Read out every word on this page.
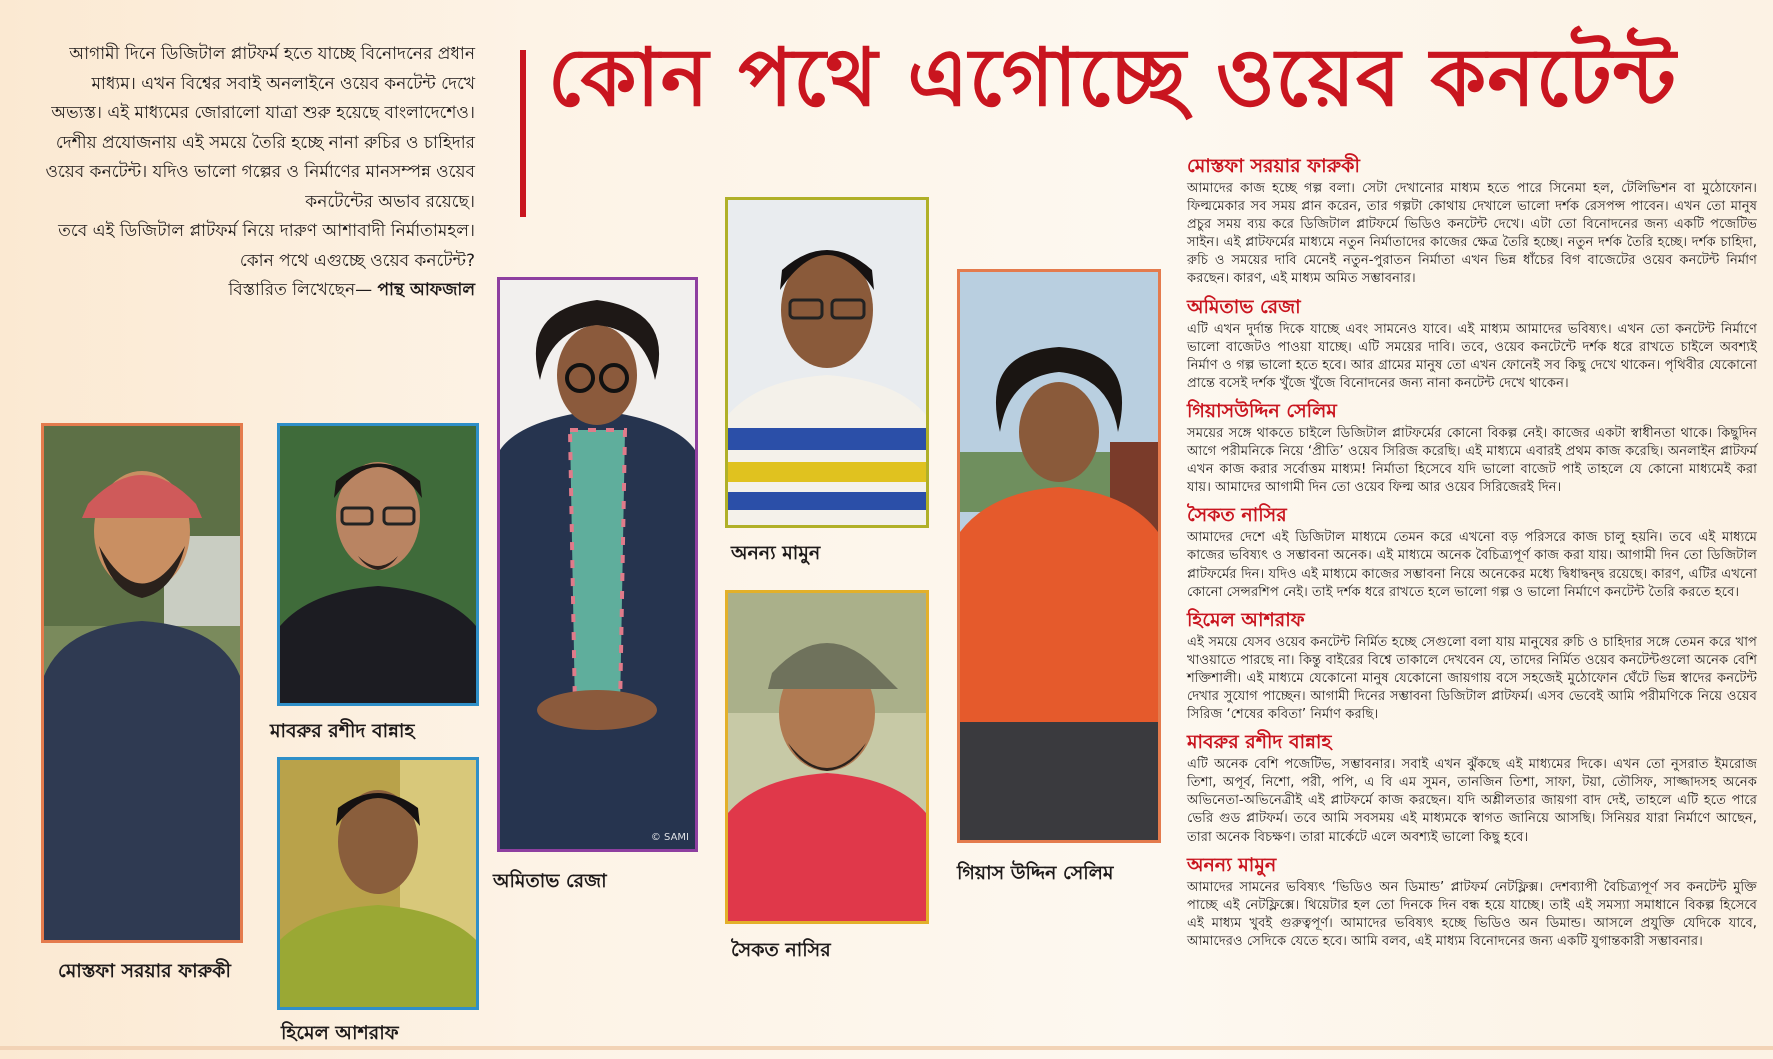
আগামী দিনে ডিজিটাল প্লাটফর্ম হতে যাচ্ছে বিনোদনের প্রধান মাধ্যম। এখন বিশ্বের সবাই অনলাইনে ওয়েব কনটেন্ট দেখে অভ্যস্ত। এই মাধ্যমের জোরালো যাত্রা শুরু হয়েছে বাংলাদেশেও। দেশীয় প্রযোজনায় এই সময়ে তৈরি হচ্ছে নানা রুচির ও চাহিদার ওয়েব কনটেন্ট। যদিও ভালো গল্পের ও নির্মাণের মানসম্পন্ন ওয়েব কনটেন্টের অভাব রয়েছে।

তবে এই ডিজিটাল প্লাটফর্ম নিয়ে দারুণ আশাবাদী নির্মাতামহল। কোন পথে এগুচ্ছে ওয়েব কনটেন্ট?

বিস্তারিত লিখেছেন— পান্থ আফজাল

কোন পথে এগোচ্ছে ওয়েব কনটেন্ট
মোস্তফা সরয়ার ফারুকী
মাবরুর রশীদ বান্নাহ
হিমেল আশরাফ
© SAMI
অমিতাভ রেজা
অনন্য মামুন
সৈকত নাসির
গিয়াস উদ্দিন সেলিম
মোস্তফা সরয়ার ফারুকী

আমাদের কাজ হচ্ছে গল্প বলা। সেটা দেখানোর মাধ্যম হতে পারে সিনেমা হল, টেলিভিশন বা মুঠোফোন। ফিল্মমেকার সব সময় প্লান করেন, তার গল্পটা কোথায় দেখালে ভালো দর্শক রেসপন্স পাবেন। এখন তো মানুষ প্রচুর সময় ব্যয় করে ডিজিটাল প্লাটফর্মে ভিডিও কনটেন্ট দেখে। এটা তো বিনোদনের জন্য একটি পজেটিভ সাইন। এই প্লাটফর্মের মাধ্যমে নতুন নির্মাতাদের কাজের ক্ষেত্র তৈরি হচ্ছে। নতুন দর্শক তৈরি হচ্ছে। দর্শক চাহিদা, রুচি ও সময়ের দাবি মেনেই নতুন-পুরাতন নির্মাতা এখন ভিন্ন ধাঁচের বিগ বাজেটের ওয়েব কনটেন্ট নির্মাণ করছেন। কারণ, এই মাধ্যম অমিত সম্ভাবনার।

অমিতাভ রেজা

এটি এখন দুর্দান্ত দিকে যাচ্ছে এবং সামনেও যাবে। এই মাধ্যম আমাদের ভবিষ্যৎ। এখন তো কনটেন্ট নির্মাণে ভালো বাজেটও পাওয়া যাচ্ছে। এটি সময়ের দাবি। তবে, ওয়েব কনটেন্টে দর্শক ধরে রাখতে চাইলে অবশ্যই নির্মাণ ও গল্প ভালো হতে হবে। আর গ্রামের মানুষ তো এখন ফোনেই সব কিছু দেখে থাকেন। পৃথিবীর যেকোনো প্রান্তে বসেই দর্শক খুঁজে খুঁজে বিনোদনের জন্য নানা কনটেন্ট দেখে থাকেন।

গিয়াসউদ্দিন সেলিম

সময়ের সঙ্গে থাকতে চাইলে ডিজিটাল প্লাটফর্মের কোনো বিকল্প নেই। কাজের একটা স্বাধীনতা থাকে। কিছুদিন আগে পরীমনিকে নিয়ে ‘প্রীতি’ ওয়েব সিরিজ করেছি। এই মাধ্যমে এবারই প্রথম কাজ করেছি। অনলাইন প্লাটফর্ম এখন কাজ করার সর্বোত্তম মাধ্যম! নির্মাতা হিসেবে যদি ভালো বাজেট পাই তাহলে যে কোনো মাধ্যমেই করা যায়। আমাদের আগামী দিন তো ওয়েব ফিল্ম আর ওয়েব সিরিজেরই দিন।

সৈকত নাসির

আমাদের দেশে এই ডিজিটাল মাধ্যমে তেমন করে এখনো বড় পরিসরে কাজ চালু হয়নি। তবে এই মাধ্যমে কাজের ভবিষ্যৎ ও সম্ভাবনা অনেক। এই মাধ্যমে অনেক বৈচিত্র্যপূর্ণ কাজ করা যায়। আগামী দিন তো ডিজিটাল প্লাটফর্মের দিন। যদিও এই মাধ্যমে কাজের সম্ভাবনা নিয়ে অনেকের মধ্যে দ্বিধাদ্বন্দ্ব রয়েছে। কারণ, এটির এখনো কোনো সেন্সরশিপ নেই। তাই দর্শক ধরে রাখতে হলে ভালো গল্প ও ভালো নির্মাণে কনটেন্ট তৈরি করতে হবে।

হিমেল আশরাফ

এই সময়ে যেসব ওয়েব কনটেন্ট নির্মিত হচ্ছে সেগুলো বলা যায় মানুষের রুচি ও চাহিদার সঙ্গে তেমন করে খাপ খাওয়াতে পারছে না। কিন্তু বাইরের বিশ্বে তাকালে দেখবেন যে, তাদের নির্মিত ওয়েব কনটেন্টগুলো অনেক বেশি শক্তিশালী। এই মাধ্যমে যেকোনো মানুষ যেকোনো জায়গায় বসে সহজেই মুঠোফোন ঘেঁটে ভিন্ন স্বাদের কনটেন্ট দেখার সুযোগ পাচ্ছেন। আগামী দিনের সম্ভাবনা ডিজিটাল প্লাটফর্ম। এসব ভেবেই আমি পরীমণিকে নিয়ে ওয়েব সিরিজ ‘শেষের কবিতা’ নির্মাণ করছি।

মাবরুর রশীদ বান্নাহ

এটি অনেক বেশি পজেটিভ, সম্ভাবনার। সবাই এখন ঝুঁকছে এই মাধ্যমের দিকে। এখন তো নুসরাত ইমরোজ তিশা, অপূর্ব, নিশো, পরী, পপি, এ বি এম সুমন, তানজিন তিশা, সাফা, টয়া, তৌসিফ, সাজ্জাদসহ অনেক অভিনেতা-অভিনেত্রীই এই প্লাটফর্মে কাজ করছেন। যদি অশ্লীলতার জায়গা বাদ দেই, তাহলে এটি হতে পারে ভেরি গুড প্লাটফর্ম। তবে আমি সবসময় এই মাধ্যমকে স্বাগত জানিয়ে আসছি। সিনিয়র যারা নির্মাণে আছেন, তারা অনেক বিচক্ষণ। তারা মার্কেটে এলে অবশ্যই ভালো কিছু হবে।

অনন্য মামুন

আমাদের সামনের ভবিষ্যৎ ‘ভিডিও অন ডিমান্ড’ প্লাটফর্ম নেটফ্লিক্স। দেশব্যাপী বৈচিত্র্যপূর্ণ সব কনটেন্ট মুক্তি পাচ্ছে এই নেটফ্লিক্সে। থিয়েটার হল তো দিনকে দিন বন্ধ হয়ে যাচ্ছে। তাই এই সমস্যা সমাধানে বিকল্প হিসেবে এই মাধ্যম খুবই গুরুত্বপূর্ণ। আমাদের ভবিষ্যৎ হচ্ছে ভিডিও অন ডিমান্ড। আসলে প্রযুক্তি যেদিকে যাবে, আমাদেরও সেদিকে যেতে হবে। আমি বলব, এই মাধ্যম বিনোদনের জন্য একটি যুগান্তকারী সম্ভাবনার।
